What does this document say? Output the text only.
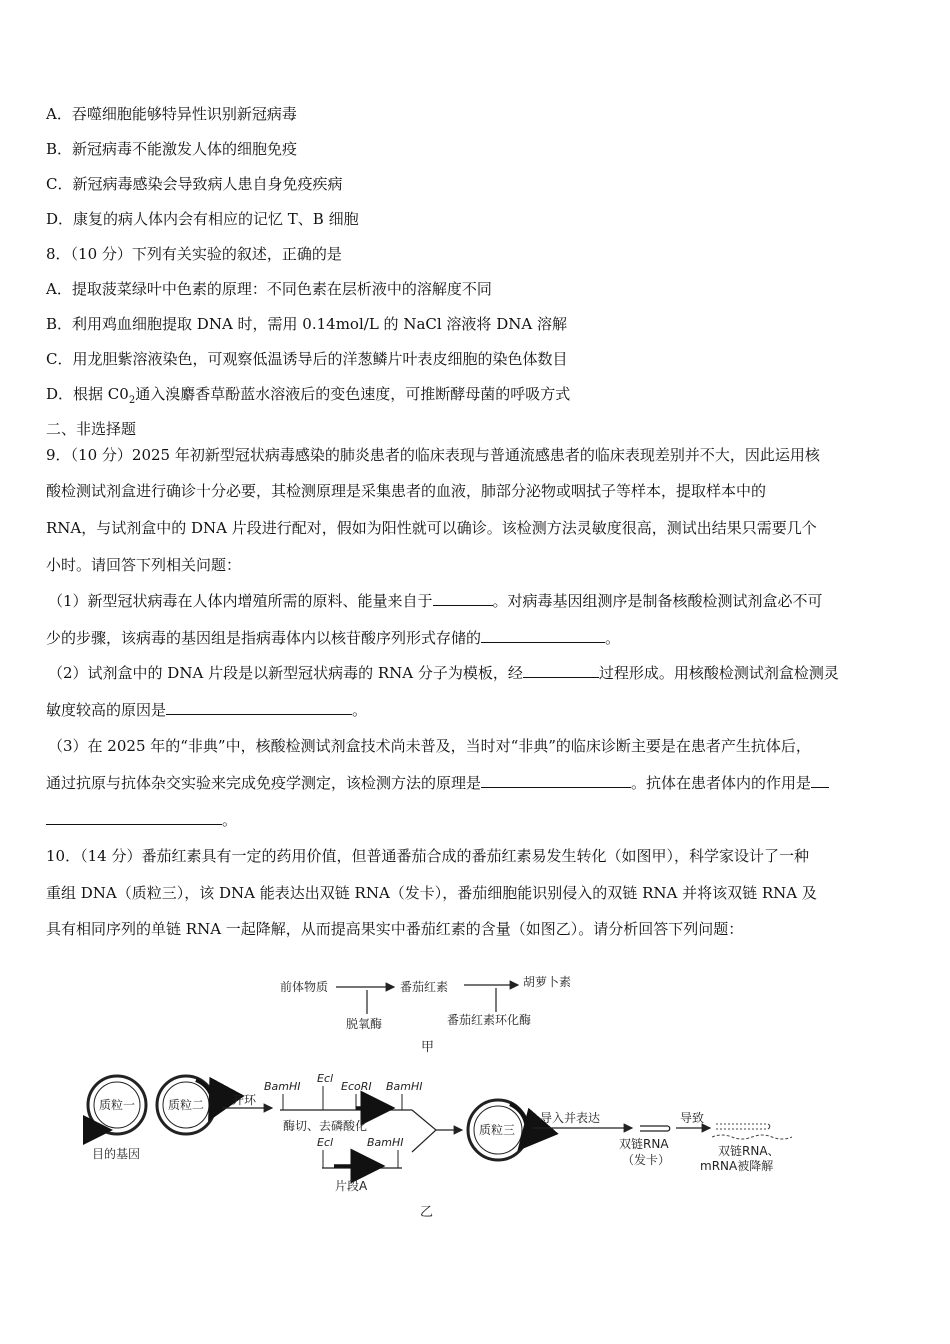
A．吞噬细胞能够特异性识别新冠病毒
B．新冠病毒不能激发人体的细胞免疫
C．新冠病毒感染会导致病人患自身免疫疾病
D．康复的病人体内会有相应的记忆 T、B 细胞
8．（10 分）下列有关实验的叙述，正确的是
A．提取菠菜绿叶中色素的原理：不同色素在层析液中的溶解度不同
B．利用鸡血细胞提取 DNA 时，需用 0.14mol/L 的 NaCl 溶液将 DNA 溶解
C．用龙胆紫溶液染色，可观察低温诱导后的洋葱鳞片叶表皮细胞的染色体数目
D．根据 $C0_2$通入溴麝香草酚蓝水溶液后的变色速度，可推断酵母菌的呼吸方式
二、非选择题
9．（10 分）2025 年初新型冠状病毒感染的肺炎患者的临床表现与普通流感患者的临床表现差别并不大，因此运用核
酸检测试剂盒进行确诊十分必要，其检测原理是采集患者的血液，肺部分泌物或咽拭子等样本，提取样本中的
RNA，与试剂盒中的 DNA 片段进行配对，假如为阳性就可以确诊。该检测方法灵敏度很高，测试出结果只需要几个
小时。请回答下列相关问题：
（1）新型冠状病毒在人体内增殖所需的原料、能量来自于	。对病毒基因组测序是制备核酸检测试剂盒必不可
少的步骤，该病毒的基因组是指病毒体内以核苷酸序列形式存储的	。
（2）试剂盒中的 DNA 片段是以新型冠状病毒的 RNA 分子为模板，经	过程形成。用核酸检测试剂盒检测灵
敏度较高的原因是	。
（3）在 2025 年的“非典”中，核酸检测试剂盒技术尚未普及，当时对“非典”的临床诊断主要是在患者产生抗体后，
通过抗原与抗体杂交实验来完成免疫学测定，该检测方法的原理是	。抗体在患者体内的作用是
。
10．（14 分）番茄红素具有一定的药用价值，但普通番茄合成的番茄红素易发生转化（如图甲），科学家设计了一种
重组 DNA（质粒三），该 DNA 能表达出双链 RNA（发卡），番茄细胞能识别侵入的双链 RNA 并将该双链 RNA 及
具有相同序列的单链 RNA 一起降解，从而提高果实中番茄红素的含量（如图乙）。请分析回答下列问题：
前体物质	番茄红素	胡萝卜素
脱氧酶	番茄红素环化酶
甲
质粒一
目的基因
质粒二 开环
BamHⅠ
Ecl
EcoRⅠ BamHⅠ
酶切、去磷酸化
Ecl	BamHⅠ
片段A
质粒三
导入并表达
双链RNA
（发卡）
导致
双链RNA、
mRNA被降解
乙
